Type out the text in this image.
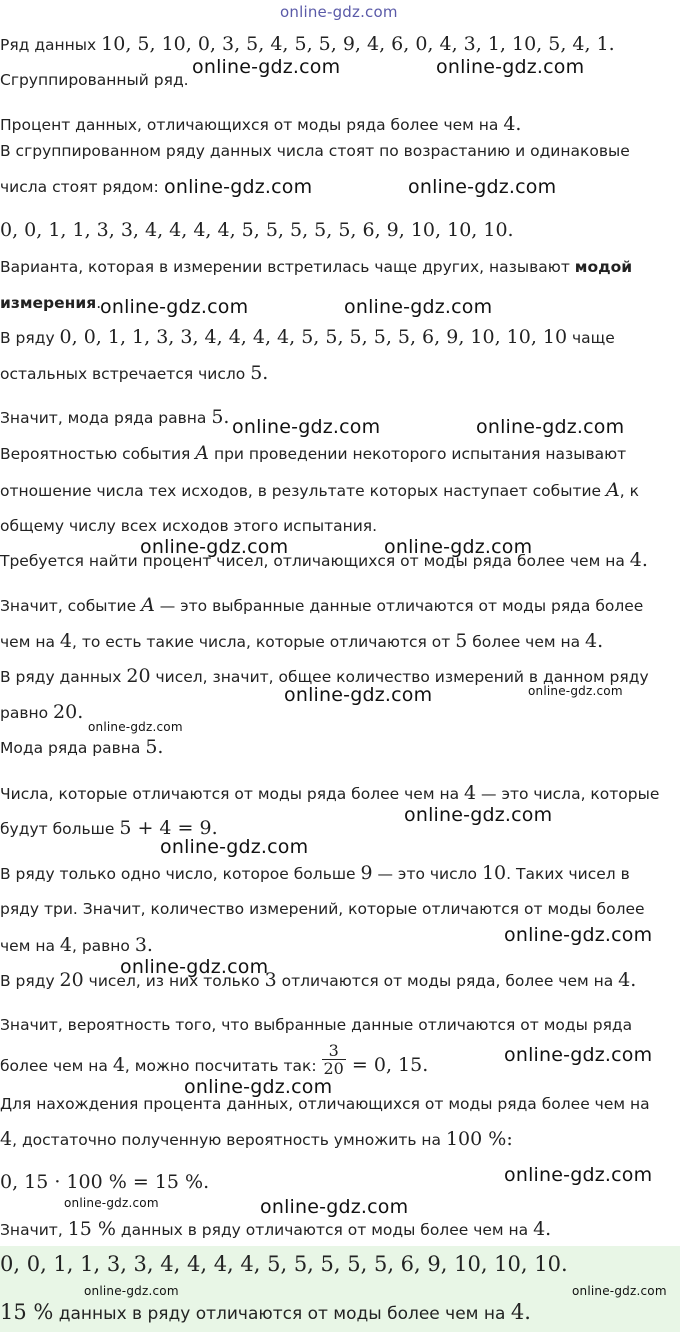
online-gdz.com

Ряд данных 10, 5, 10, 0, 3, 5, 4, 5, 5, 9, 4, 6, 0, 4, 3, 1, 10, 5, 4, 1.

Сгруппированный ряд.

Процент данных, отличающихся от моды ряда более чем на 4.

В сгруппированном ряду данных числа стоят по возрастанию и одинаковые

числа стоят рядом:

0, 0, 1, 1, 3, 3, 4, 4, 4, 4, 5, 5, 5, 5, 5, 6, 9, 10, 10, 10.

Варианта, которая в измерении встретилась чаще других, называют модой

измерения.

В ряду 0, 0, 1, 1, 3, 3, 4, 4, 4, 4, 5, 5, 5, 5, 5, 6, 9, 10, 10, 10 чаще

остальных встречается число 5.

Значит, мода ряда равна 5.

Вероятностью события A при проведении некоторого испытания называют

отношение числа тех исходов, в результате которых наступает событие A, к

общему числу всех исходов этого испытания.

Требуется найти процент чисел, отличающихся от моды ряда более чем на 4.

Значит, событие A — это выбранные данные отличаются от моды ряда более

чем на 4, то есть такие числа, которые отличаются от 5 более чем на 4.

В ряду данных 20 чисел, значит, общее количество измерений в данном ряду

равно 20.

Мода ряда равна 5.

Числа, которые отличаются от моды ряда более чем на 4 — это числа, которые

будут больше 5 + 4 = 9.

В ряду только одно число, которое больше 9 — это число 10. Таких чисел в

ряду три. Значит, количество измерений, которые отличаются от моды более

чем на 4, равно 3.

В ряду 20 чисел, из них только 3 отличаются от моды ряда, более чем на 4.

Значит, вероятность того, что выбранные данные отличаются от моды ряда

более чем на 4, можно посчитать так: $\frac{3}{20} = 0$, 15.

Для нахождения процента данных, отличающихся от моды ряда более чем на

4, достаточно полученную вероятность умножить на 100 %:

0, 15 · 100 % = 15 %.

Значит, 15 % данных в ряду отличаются от моды более чем на 4.

0, 0, 1, 1, 3, 3, 4, 4, 4, 4, 5, 5, 5, 5, 5, 6, 9, 10, 10, 10.

15 % данных в ряду отличаются от моды более чем на 4.

online-gdz.com	online-gdz.com
online-gdz.com	online-gdz.com
online-gdz.com	online-gdz.com
online-gdz.com	online-gdz.com
online-gdz.com	online-gdz.com
online-gdz.com	online-gdz.com
online-gdz.com
online-gdz.com
online-gdz.com
online-gdz.com
online-gdz.com
online-gdz.com
online-gdz.com
online-gdz.com
online-gdz.com	online-gdz.com
online-gdz.com	online-gdz.com
